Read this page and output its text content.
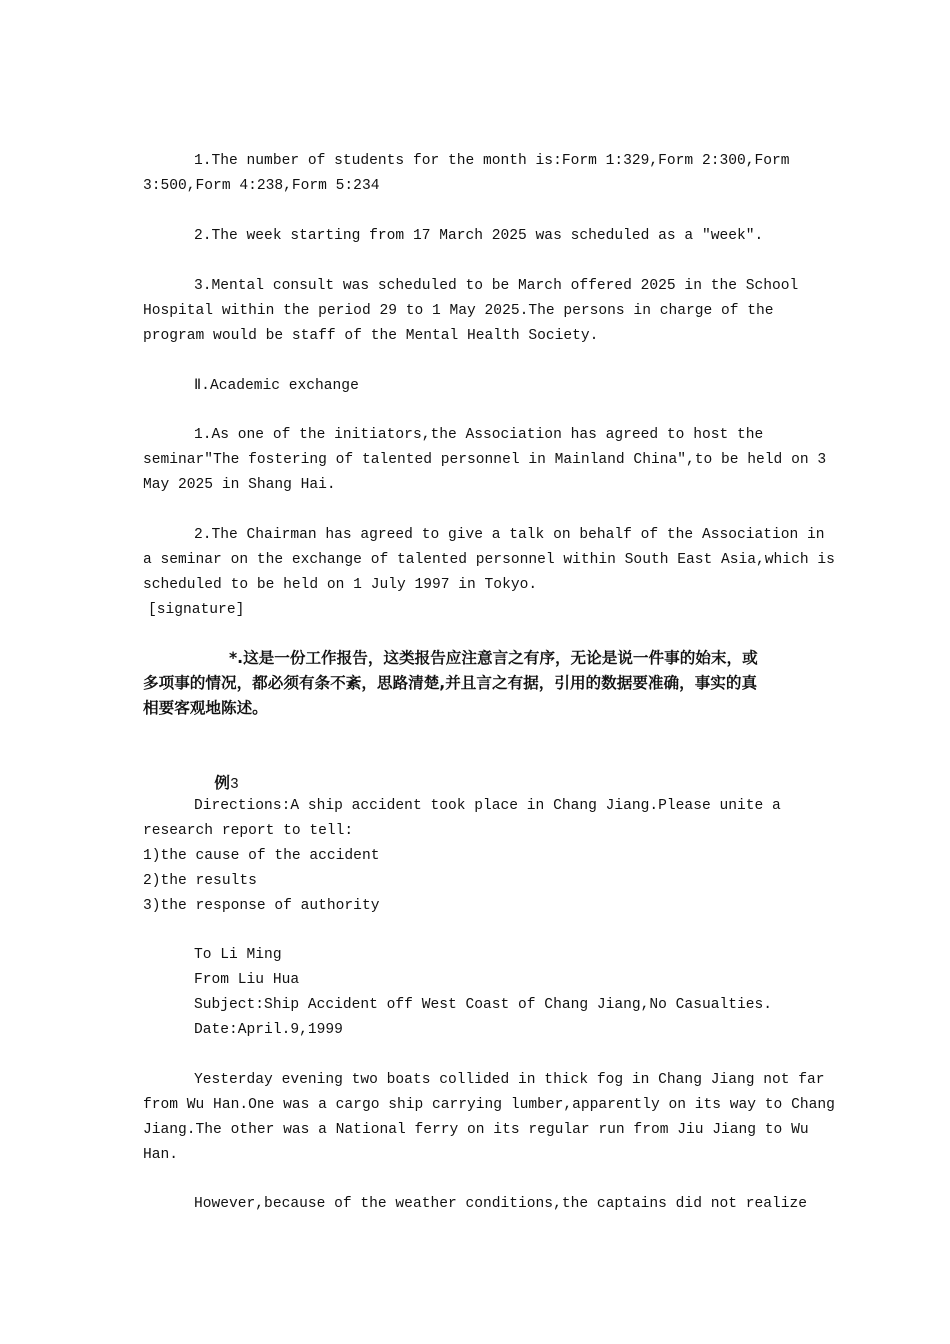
1.The number of students for the month is:Form 1:329,Form 2:300,Form
3:500,Form 4:238,Form 5:234
2.The week starting from 17 March 2025 was scheduled as a "week".
3.Mental consult was scheduled to be March offered 2025 in the School
Hospital within the period 29 to 1 May 2025.The persons in charge of the
program would be staff of the Mental Health Society.
Ⅱ.Academic exchange
1.As one of the initiators,the Association has agreed to host the
seminar"The fostering of talented personnel in Mainland China",to be held on 3
May 2025 in Shang Hai.
2.The Chairman has agreed to give a talk on behalf of the Association in
a seminar on the exchange of talented personnel within South East Asia,which is
scheduled to be held on 1 July 1997 in Tokyo.
[signature]
*.这是一份工作报告，这类报告应注意言之有序，无论是说一件事的始末，或
多项事的情况，都必须有条不紊，思路清楚,并且言之有据，引用的数据要准确，事实的真
相要客观地陈述。

例3

Directions:A ship accident took place in Chang Jiang.Please unite a
research report to tell:
1)the cause of the accident
2)the results
3)the response of authority
To Li Ming
From Liu Hua
Subject:Ship Accident off West Coast of Chang Jiang,No Casualties.
Date:April.9,1999
Yesterday evening two boats collided in thick fog in Chang Jiang not far
from Wu Han.One was a cargo ship carrying lumber,apparently on its way to Chang
Jiang.The other was a National ferry on its regular run from Jiu Jiang to Wu
Han.
However,because of the weather conditions,the captains did not realize
